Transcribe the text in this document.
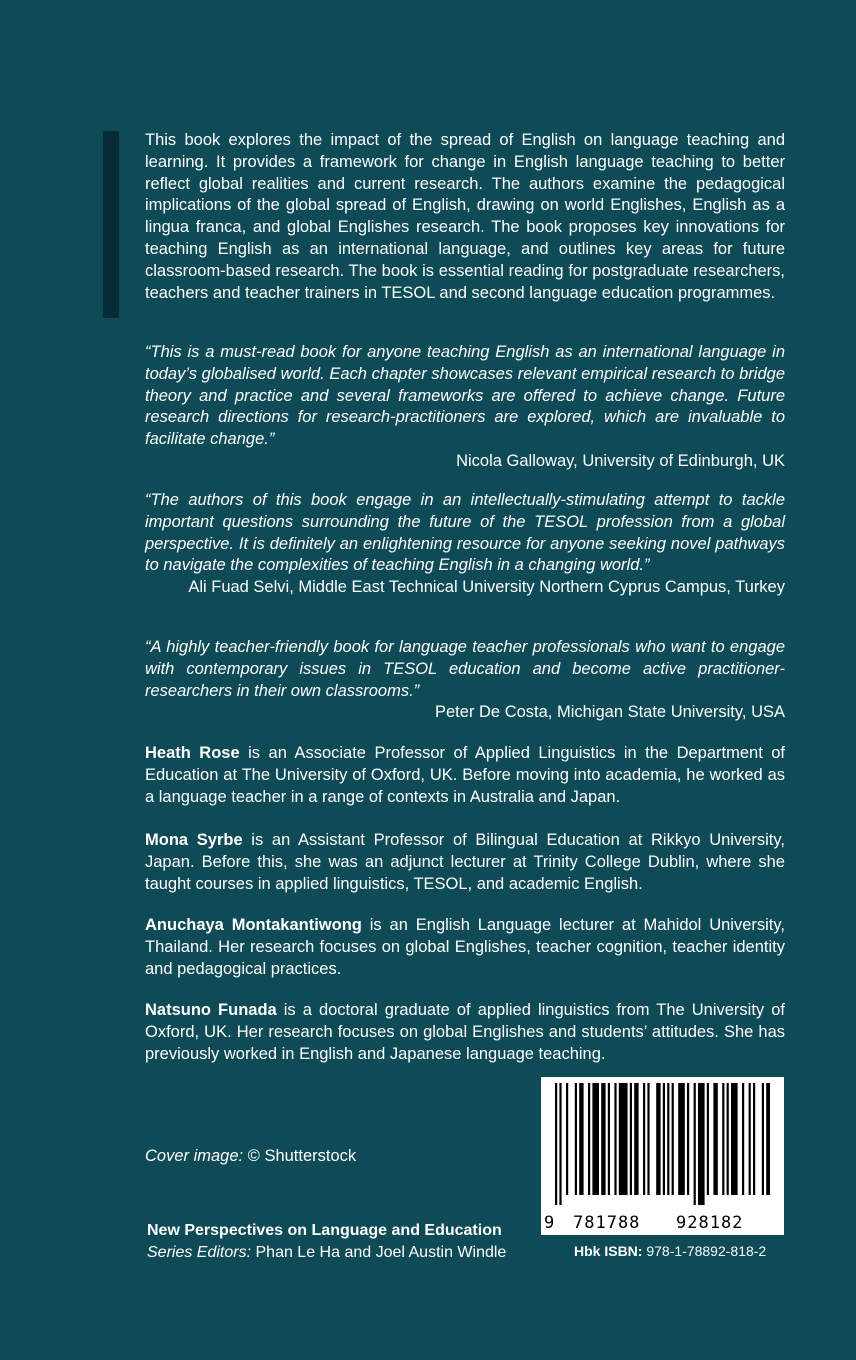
This book explores the impact of the spread of English on language teaching and learning. It provides a framework for change in English language teaching to better reflect global realities and current research. The authors examine the pedagogical implications of the global spread of English, drawing on world Englishes, English as a lingua franca, and global Englishes research. The book proposes key innovations for teaching English as an international language, and outlines key areas for future classroom-based research. The book is essential reading for postgraduate researchers, teachers and teacher trainers in TESOL and second language education programmes.

“This is a must-read book for anyone teaching English as an international language in today’s globalised world. Each chapter showcases relevant empirical research to bridge theory and practice and several frameworks are offered to achieve change. Future research directions for research-practitioners are explored, which are invaluable to facilitate change.”

Nicola Galloway, University of Edinburgh, UK

“The authors of this book engage in an intellectually-stimulating attempt to tackle important questions surrounding the future of the TESOL profession from a global perspective. It is definitely an enlightening resource for anyone seeking novel pathways to navigate the complexities of teaching English in a changing world.”

Ali Fuad Selvi, Middle East Technical University Northern Cyprus Campus, Turkey

“A highly teacher-friendly book for language teacher professionals who want to engage with contemporary issues in TESOL education and become active practitioner-researchers in their own classrooms.”

Peter De Costa, Michigan State University, USA

Heath Rose is an Associate Professor of Applied Linguistics in the Department of Education at The University of Oxford, UK. Before moving into academia, he worked as a language teacher in a range of contexts in Australia and Japan.

Mona Syrbe is an Assistant Professor of Bilingual Education at Rikkyo University, Japan. Before this, she was an adjunct lecturer at Trinity College Dublin, where she taught courses in applied linguistics, TESOL, and academic English.

Anuchaya Montakantiwong is an English Language lecturer at Mahidol University, Thailand. Her research focuses on global Englishes, teacher cognition, teacher identity and pedagogical practices.

Natsuno Funada is a doctoral graduate of applied linguistics from The University of Oxford, UK. Her research focuses on global Englishes and students’ attitudes. She has previously worked in English and Japanese language teaching.

Cover image: © Shutterstock
New Perspectives on Language and Education
Series Editors: Phan Le Ha and Joel Austin Windle
9 781788 928182
Hbk ISBN: 978-1-78892-818-2
